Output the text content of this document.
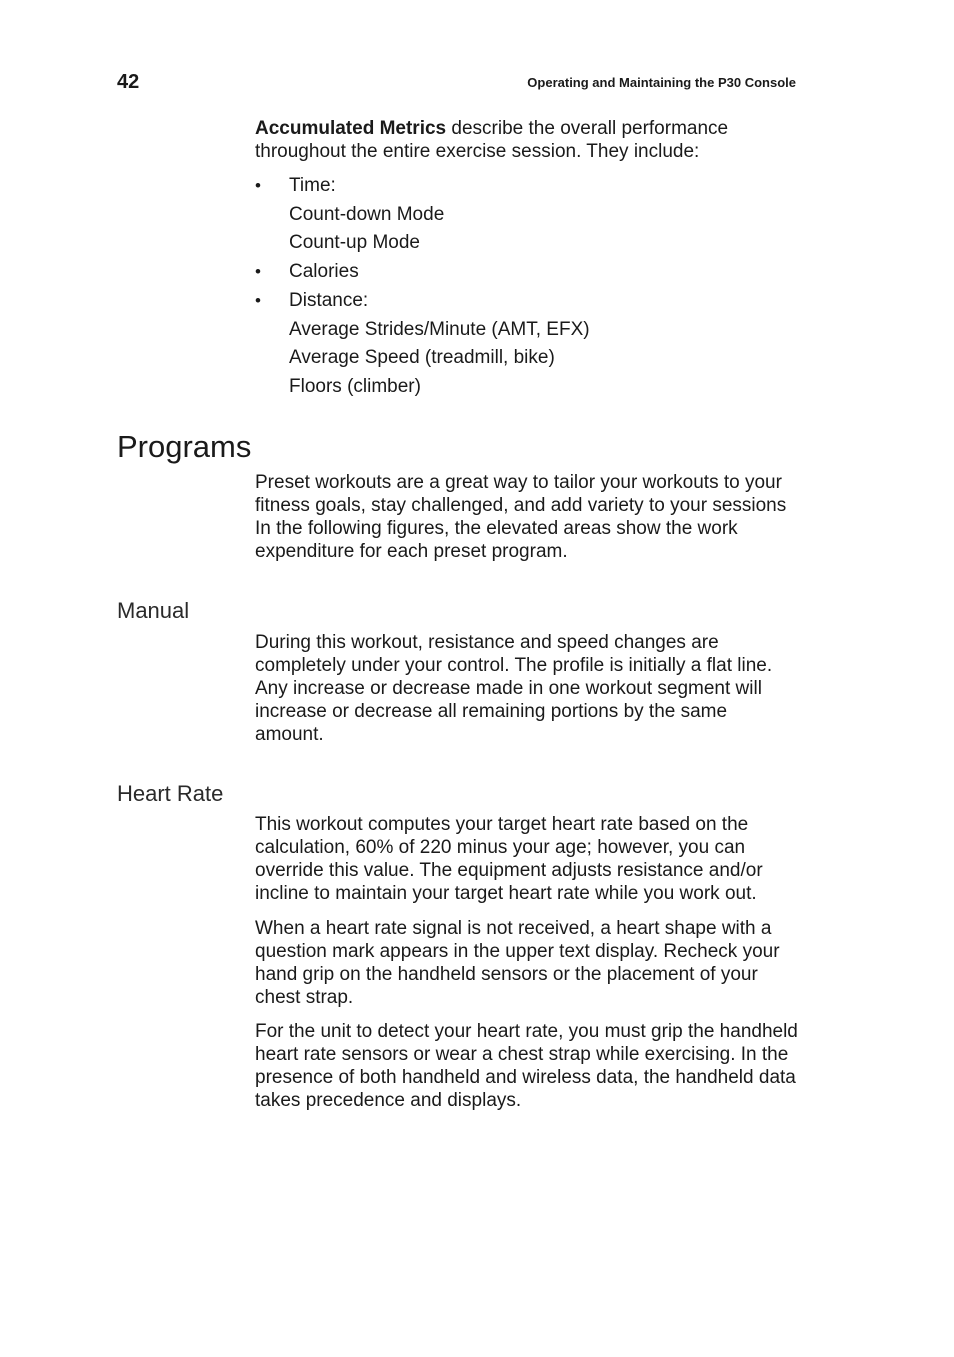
42	Operating and Maintaining the P30 Console

Accumulated Metrics describe the overall performance throughout the entire exercise session. They include:

• Time:
Count-down Mode
Count-up Mode
• Calories
• Distance:
Average Strides/Minute (AMT, EFX)
Average Speed (treadmill, bike)
Floors (climber)
Programs

Preset workouts are a great way to tailor your workouts to your fitness goals, stay challenged, and add variety to your sessions In the following figures, the elevated areas show the work expenditure for each preset program.

Manual

During this workout, resistance and speed changes are completely under your control. The profile is initially a flat line. Any increase or decrease made in one workout segment will increase or decrease all remaining portions by the same amount.

Heart Rate

This workout computes your target heart rate based on the calculation, 60% of 220 minus your age; however, you can override this value. The equipment adjusts resistance and/or incline to maintain your target heart rate while you work out.

When a heart rate signal is not received, a heart shape with a question mark appears in the upper text display. Recheck your hand grip on the handheld sensors or the placement of your chest strap.

For the unit to detect your heart rate, you must grip the handheld heart rate sensors or wear a chest strap while exercising. In the presence of both handheld and wireless data, the handheld data takes precedence and displays.
